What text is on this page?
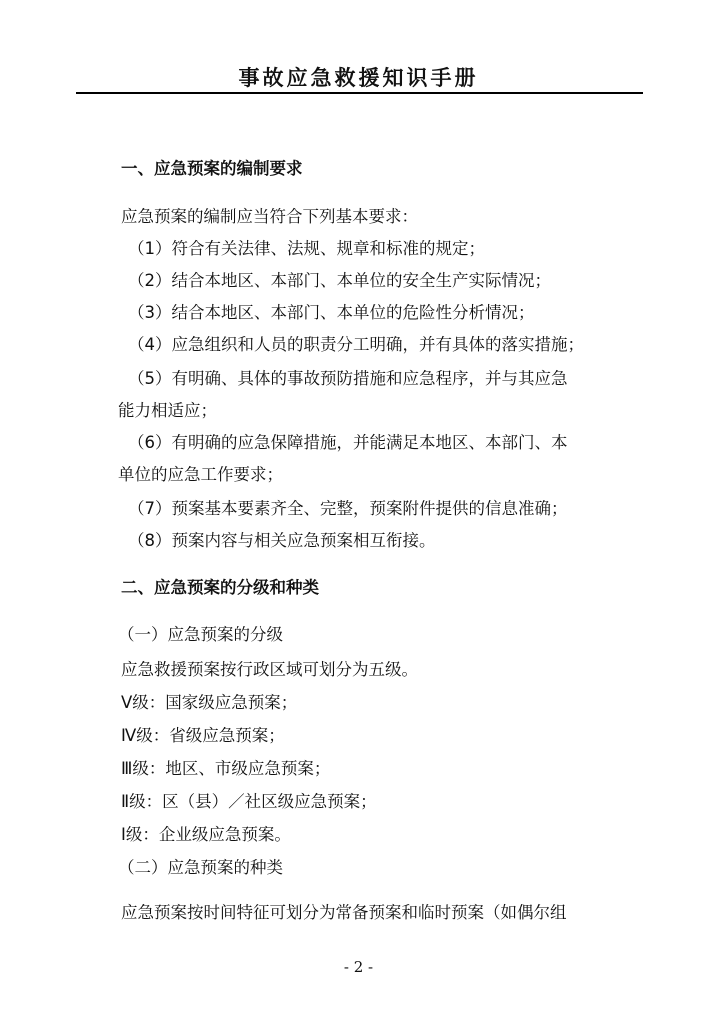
事故应急救援知识手册
一、应急预案的编制要求
应急预案的编制应当符合下列基本要求：
（1）符合有关法律、法规、规章和标准的规定；
（2）结合本地区、本部门、本单位的安全生产实际情况；
（3）结合本地区、本部门、本单位的危险性分析情况；
（4）应急组织和人员的职责分工明确，并有具体的落实措施；
（5）有明确、具体的事故预防措施和应急程序，并与其应急
能力相适应；
（6）有明确的应急保障措施，并能满足本地区、本部门、本
单位的应急工作要求；
（7）预案基本要素齐全、完整，预案附件提供的信息准确；
（8）预案内容与相关应急预案相互衔接。
二、应急预案的分级和种类
（一）应急预案的分级
应急救援预案按行政区域可划分为五级。
Ⅴ级：国家级应急预案；
Ⅳ级：省级应急预案；
Ⅲ级：地区、市级应急预案；
Ⅱ级：区（县）／社区级应急预案；
Ⅰ级：企业级应急预案。
（二）应急预案的种类
应急预案按时间特征可划分为常备预案和临时预案（如偶尔组
- 2 -
